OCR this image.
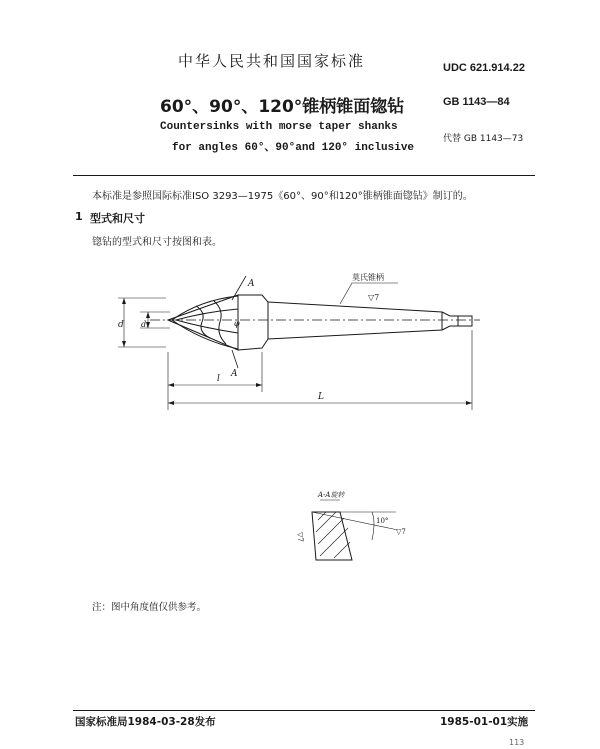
中华人民共和国国家标准	UDC 621.914.22
60°、90°、120°锥柄锥面锪钻	GB 1143—84
Countersinks with morse taper shanks
for angles 60°、90°and 120° inclusive
代替 GB 1143—73
本标准是参照国际标准ISO 3293—1975《60°、90°和120°锥柄锥面锪钻》制订的。
1 型式和尺寸
锪钻的型式和尺寸按图和表。
莫氏锥柄
▽7
A
A
d d₁	φ
l
L
A-A旋转
10°
▽7
▽7
注：图中角度值仅供参考。
国家标准局1984-03-28发布	1985-01-01实施
113
